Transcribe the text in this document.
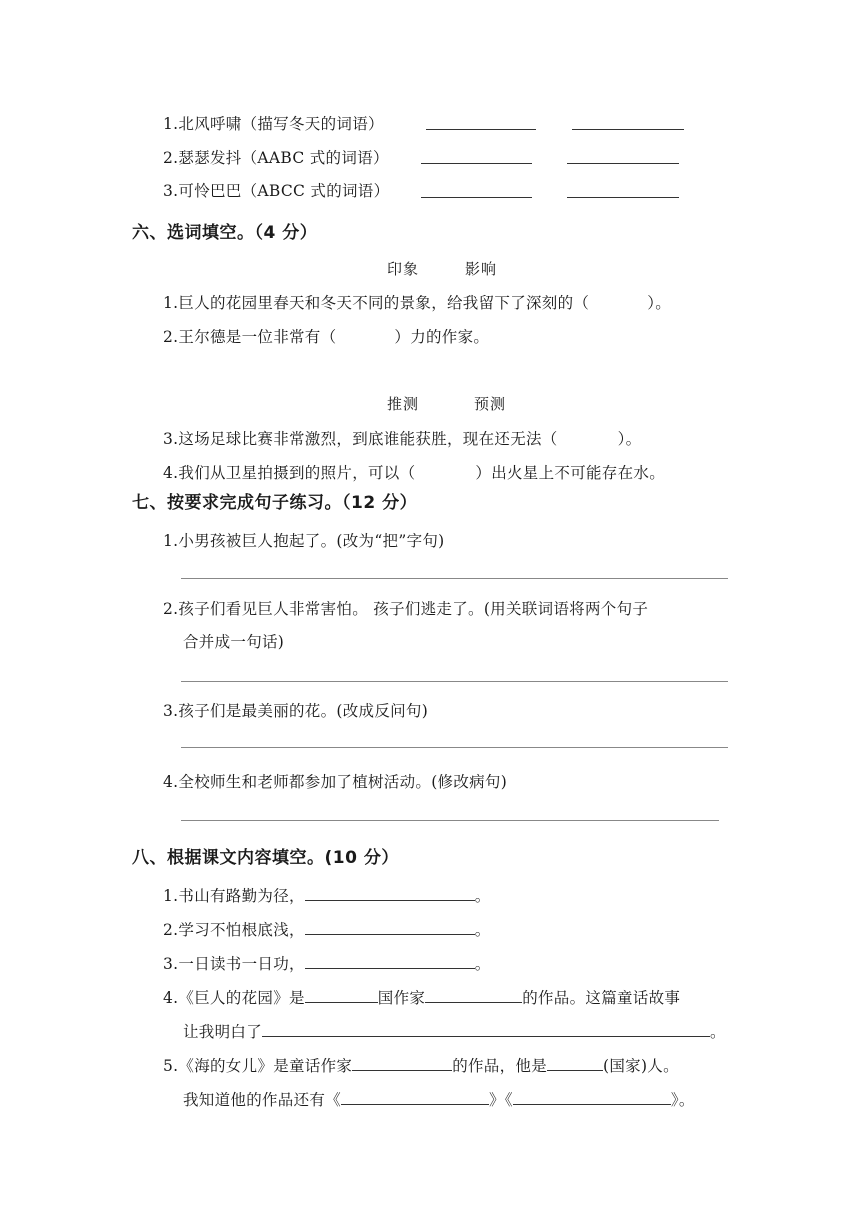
1.北风呼啸（描写冬天的词语）
2.瑟瑟发抖（AABC 式的词语）
3.可怜巴巴（ABCC 式的词语）
六、选词填空。（4 分）
印象	影响
1.巨人的花园里春天和冬天不同的景象，给我留下了深刻的（	）。
2.王尔德是一位非常有（	）力的作家。
推测	预测
3.这场足球比赛非常激烈，到底谁能获胜，现在还无法（	）。
4.我们从卫星拍摄到的照片，可以（	）出火星上不可能存在水。
七、按要求完成句子练习。（12 分）
1.小男孩被巨人抱起了。(改为“把”字句)
2.孩子们看见巨人非常害怕。 孩子们逃走了。(用关联词语将两个句子
合并成一句话)
3.孩子们是最美丽的花。(改成反问句)
4.全校师生和老师都参加了植树活动。(修改病句)
八、根据课文内容填空。(10 分）
1.书山有路勤为径，	。
2.学习不怕根底浅，	。
3.一日读书一日功，	。
4.《巨人的花园》是	国作家	的作品。这篇童话故事
让我明白了	。
5.《海的女儿》是童话作家	的作品，他是	(国家)人。
我知道他的作品还有《	》《	》。
